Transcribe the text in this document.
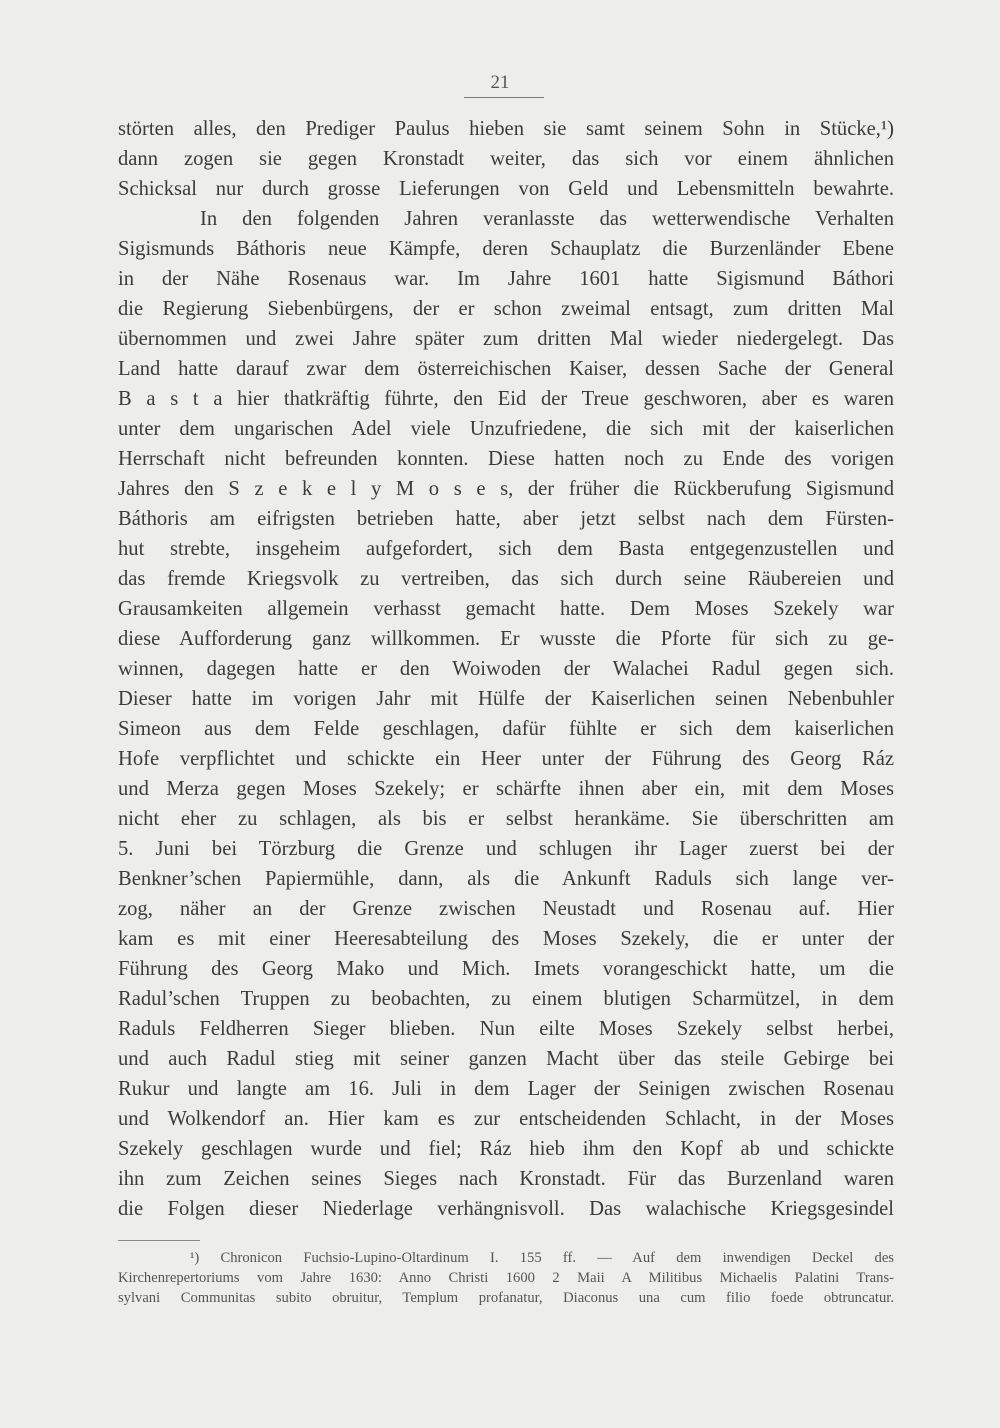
21
störten alles, den Prediger Paulus hieben sie samt seinem Sohn in Stücke,¹)
dann zogen sie gegen Kronstadt weiter, das sich vor einem ähnlichen
Schicksal nur durch grosse Lieferungen von Geld und Lebensmitteln bewahrte.
In den folgenden Jahren veranlasste das wetterwendische Verhalten
Sigismunds Báthoris neue Kämpfe, deren Schauplatz die Burzenländer Ebene
in der Nähe Rosenaus war. Im Jahre 1601 hatte Sigismund Báthori
die Regierung Siebenbürgens, der er schon zweimal entsagt, zum dritten Mal
übernommen und zwei Jahre später zum dritten Mal wieder niedergelegt. Das
Land hatte darauf zwar dem österreichischen Kaiser, dessen Sache der General
B a s t a hier thatkräftig führte, den Eid der Treue geschworen, aber es waren
unter dem ungarischen Adel viele Unzufriedene, die sich mit der kaiserlichen
Herrschaft nicht befreunden konnten. Diese hatten noch zu Ende des vorigen
Jahres den S z e k e l y M o s e s, der früher die Rückberufung Sigismund
Báthoris am eifrigsten betrieben hatte, aber jetzt selbst nach dem Fürsten-
hut strebte, insgeheim aufgefordert, sich dem Basta entgegenzustellen und
das fremde Kriegsvolk zu vertreiben, das sich durch seine Räubereien und
Grausamkeiten allgemein verhasst gemacht hatte. Dem Moses Szekely war
diese Aufforderung ganz willkommen. Er wusste die Pforte für sich zu ge-
winnen, dagegen hatte er den Woiwoden der Walachei Radul gegen sich.
Dieser hatte im vorigen Jahr mit Hülfe der Kaiserlichen seinen Nebenbuhler
Simeon aus dem Felde geschlagen, dafür fühlte er sich dem kaiserlichen
Hofe verpflichtet und schickte ein Heer unter der Führung des Georg Ráz
und Merza gegen Moses Szekely; er schärfte ihnen aber ein, mit dem Moses
nicht eher zu schlagen, als bis er selbst herankäme. Sie überschritten am
5. Juni bei Törzburg die Grenze und schlugen ihr Lager zuerst bei der
Benkner’schen Papiermühle, dann, als die Ankunft Raduls sich lange ver-
zog, näher an der Grenze zwischen Neustadt und Rosenau auf. Hier
kam es mit einer Heeresabteilung des Moses Szekely, die er unter der
Führung des Georg Mako und Mich. Imets vorangeschickt hatte, um die
Radul’schen Truppen zu beobachten, zu einem blutigen Scharmützel, in dem
Raduls Feldherren Sieger blieben. Nun eilte Moses Szekely selbst herbei,
und auch Radul stieg mit seiner ganzen Macht über das steile Gebirge bei
Rukur und langte am 16. Juli in dem Lager der Seinigen zwischen Rosenau
und Wolkendorf an. Hier kam es zur entscheidenden Schlacht, in der Moses
Szekely geschlagen wurde und fiel; Ráz hieb ihm den Kopf ab und schickte
ihn zum Zeichen seines Sieges nach Kronstadt. Für das Burzenland waren
die Folgen dieser Niederlage verhängnisvoll. Das walachische Kriegsgesindel
¹) Chronicon Fuchsio-Lupino-Oltardinum I. 155 ff. — Auf dem inwendigen Deckel des
Kirchenrepertoriums vom Jahre 1630: Anno Christi 1600 2 Maii A Militibus Michaelis Palatini Trans-
sylvani Communitas subito obruitur, Templum profanatur, Diaconus una cum filio foede obtruncatur.
